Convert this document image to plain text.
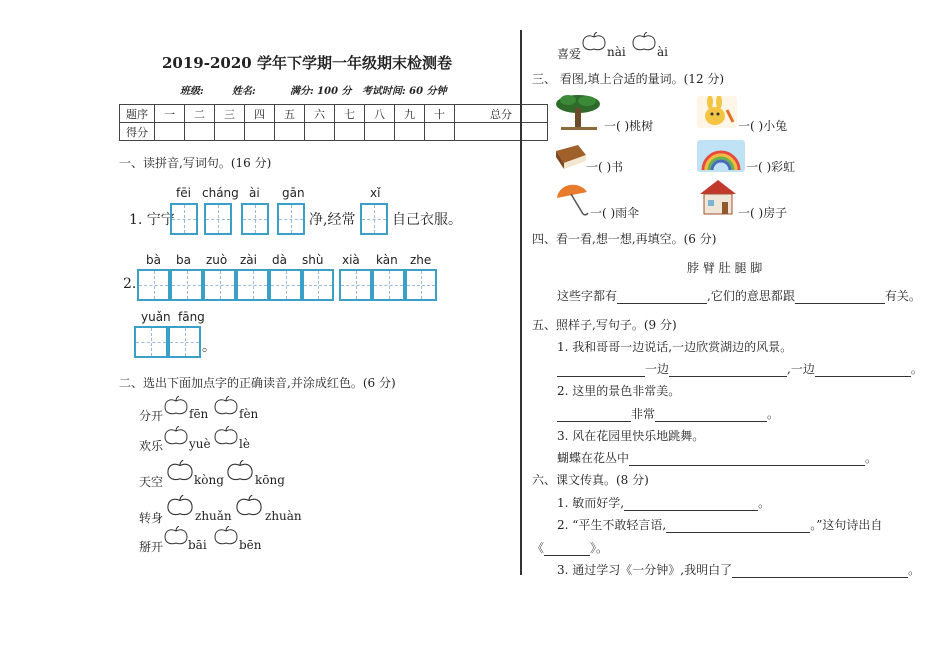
2019-2020 学年下学期一年级期末检测卷
班级:	姓名:	满分: 100 分 考试时间: 60 分钟
题序	一	二	三	四	五	六	七	八	九	十	总分
得分											
一、读拼音,写词句。(16 分)
fēi cháng ài gān	xǐ
1. 宁宁	净,经常	自己衣服。
bà ba zuò zài dà shù xià kàn zhe
2.
yuǎn fāng
。
二、选出下面加点字的正确读音,并涂成红色。(6 分)
分开 fēn	fèn
欢乐 yuè lè
天空	kòng	kōng
转身	zhuǎn	zhuàn
掰开 bāi	bēn
喜爱 nài	ài
三、 看图,填上合适的量词。(12 分)
一( )桃树	一( )小兔
一( )书	一( )彩虹
一( )雨伞	一( )房子
四、看一看,想一想,再填空。(6 分)
脖 臂 肚 腿 脚
这些字都有	,它们的意思都跟	有关。
五、照样子,写句子。(9 分)
1. 我和哥哥一边说话,一边欣赏湖边的风景。
一边	,一边	。
2. 这里的景色非常美。
非常	。
3. 风在花园里快乐地跳舞。
蝴蝶在花丛中	。
六、课文传真。(8 分)
1. 敏而好学,	。
2. “平生不敢轻言语,	。”这句诗出自
《	》。
3. 通过学习《一分钟》,我明白了	。
